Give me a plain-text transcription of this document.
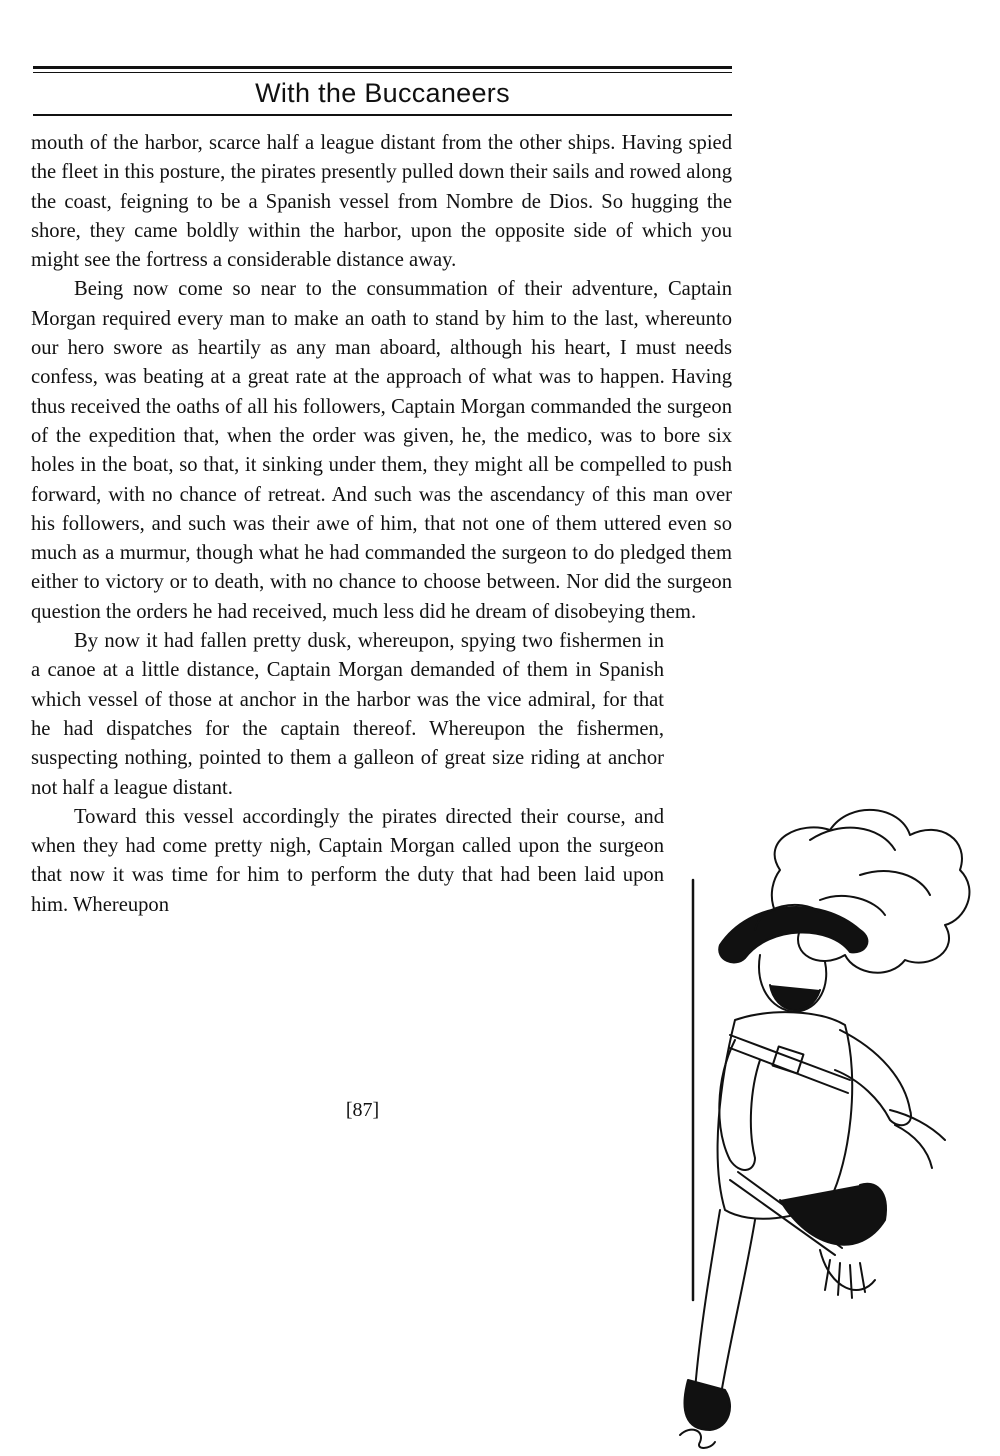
With the Buccaneers

mouth of the harbor, scarce half a league distant from the other ships. Having spied the fleet in this posture, the pirates presently pulled down their sails and rowed along the coast, feigning to be a Spanish vessel from Nombre de Dios. So hugging the shore, they came boldly within the harbor, upon the opposite side of which you might see the fortress a considerable distance away.

Being now come so near to the consummation of their adventure, Captain Morgan required every man to make an oath to stand by him to the last, whereunto our hero swore as heartily as any man aboard, although his heart, I must needs confess, was beating at a great rate at the approach of what was to happen. Having thus received the oaths of all his followers, Captain Morgan commanded the surgeon of the expedition that, when the order was given, he, the medico, was to bore six holes in the boat, so that, it sinking under them, they might all be compelled to push forward, with no chance of retreat. And such was the ascendancy of this man over his followers, and such was their awe of him, that not one of them uttered even so much as a murmur, though what he had commanded the surgeon to do pledged them either to victory or to death, with no chance to choose between. Nor did the surgeon question the orders he had received, much less did he dream of disobeying them.

By now it had fallen pretty dusk, whereupon, spying two fishermen in a canoe at a little distance, Captain Morgan demanded of them in Spanish which vessel of those at anchor in the harbor was the vice admiral, for that he had dispatches for the captain thereof. Whereupon the fishermen, suspecting nothing, pointed to them a galleon of great size riding at anchor not half a league distant.

Toward this vessel accordingly the pirates directed their course, and when they had come pretty nigh, Captain Morgan called upon the surgeon that now it was time for him to perform the duty that had been laid upon him. Whereupon

[87]
